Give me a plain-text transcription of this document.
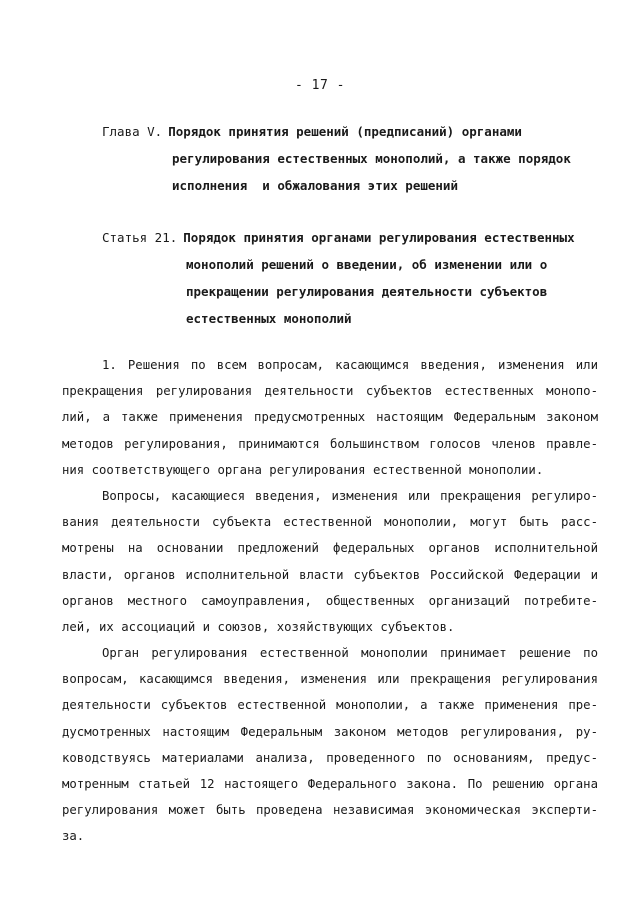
- 17 -
Глава V. Порядок принятия решений (предписаний) органами
регулирования естественных монополий, а также порядок
исполнения  и обжалования этих решений
Статья 21. Порядок принятия органами регулирования естественных
монополий решений о введении, об изменении или о
прекращении регулирования деятельности субъектов
естественных монополий
1. Решения по всем вопросам, касающимся введения, изменения или
прекращения регулирования деятельности субъектов естественных монопо-
лий, а также применения предусмотренных настоящим Федеральным законом
методов регулирования, принимаются большинством голосов членов правле-
ния соответствующего органа регулирования естественной монополии.
Вопросы, касающиеся введения, изменения или прекращения регулиро-
вания деятельности субъекта естественной монополии, могут быть расс-
мотрены на основании предложений федеральных органов исполнительной
власти, органов исполнительной власти субъектов Российской Федерации и
органов местного самоуправления, общественных организаций потребите-
лей, их ассоциаций и союзов, хозяйствующих субъектов.
Орган регулирования естественной монополии принимает решение по
вопросам, касающимся введения, изменения или прекращения регулирования
деятельности субъектов естественной монополии, а также применения пре-
дусмотренных настоящим Федеральным законом методов регулирования, ру-
ководствуясь материалами анализа, проведенного по основаниям, предус-
мотренным статьей 12 настоящего Федерального закона. По решению органа
регулирования может быть проведена независимая экономическая эксперти-
за.
